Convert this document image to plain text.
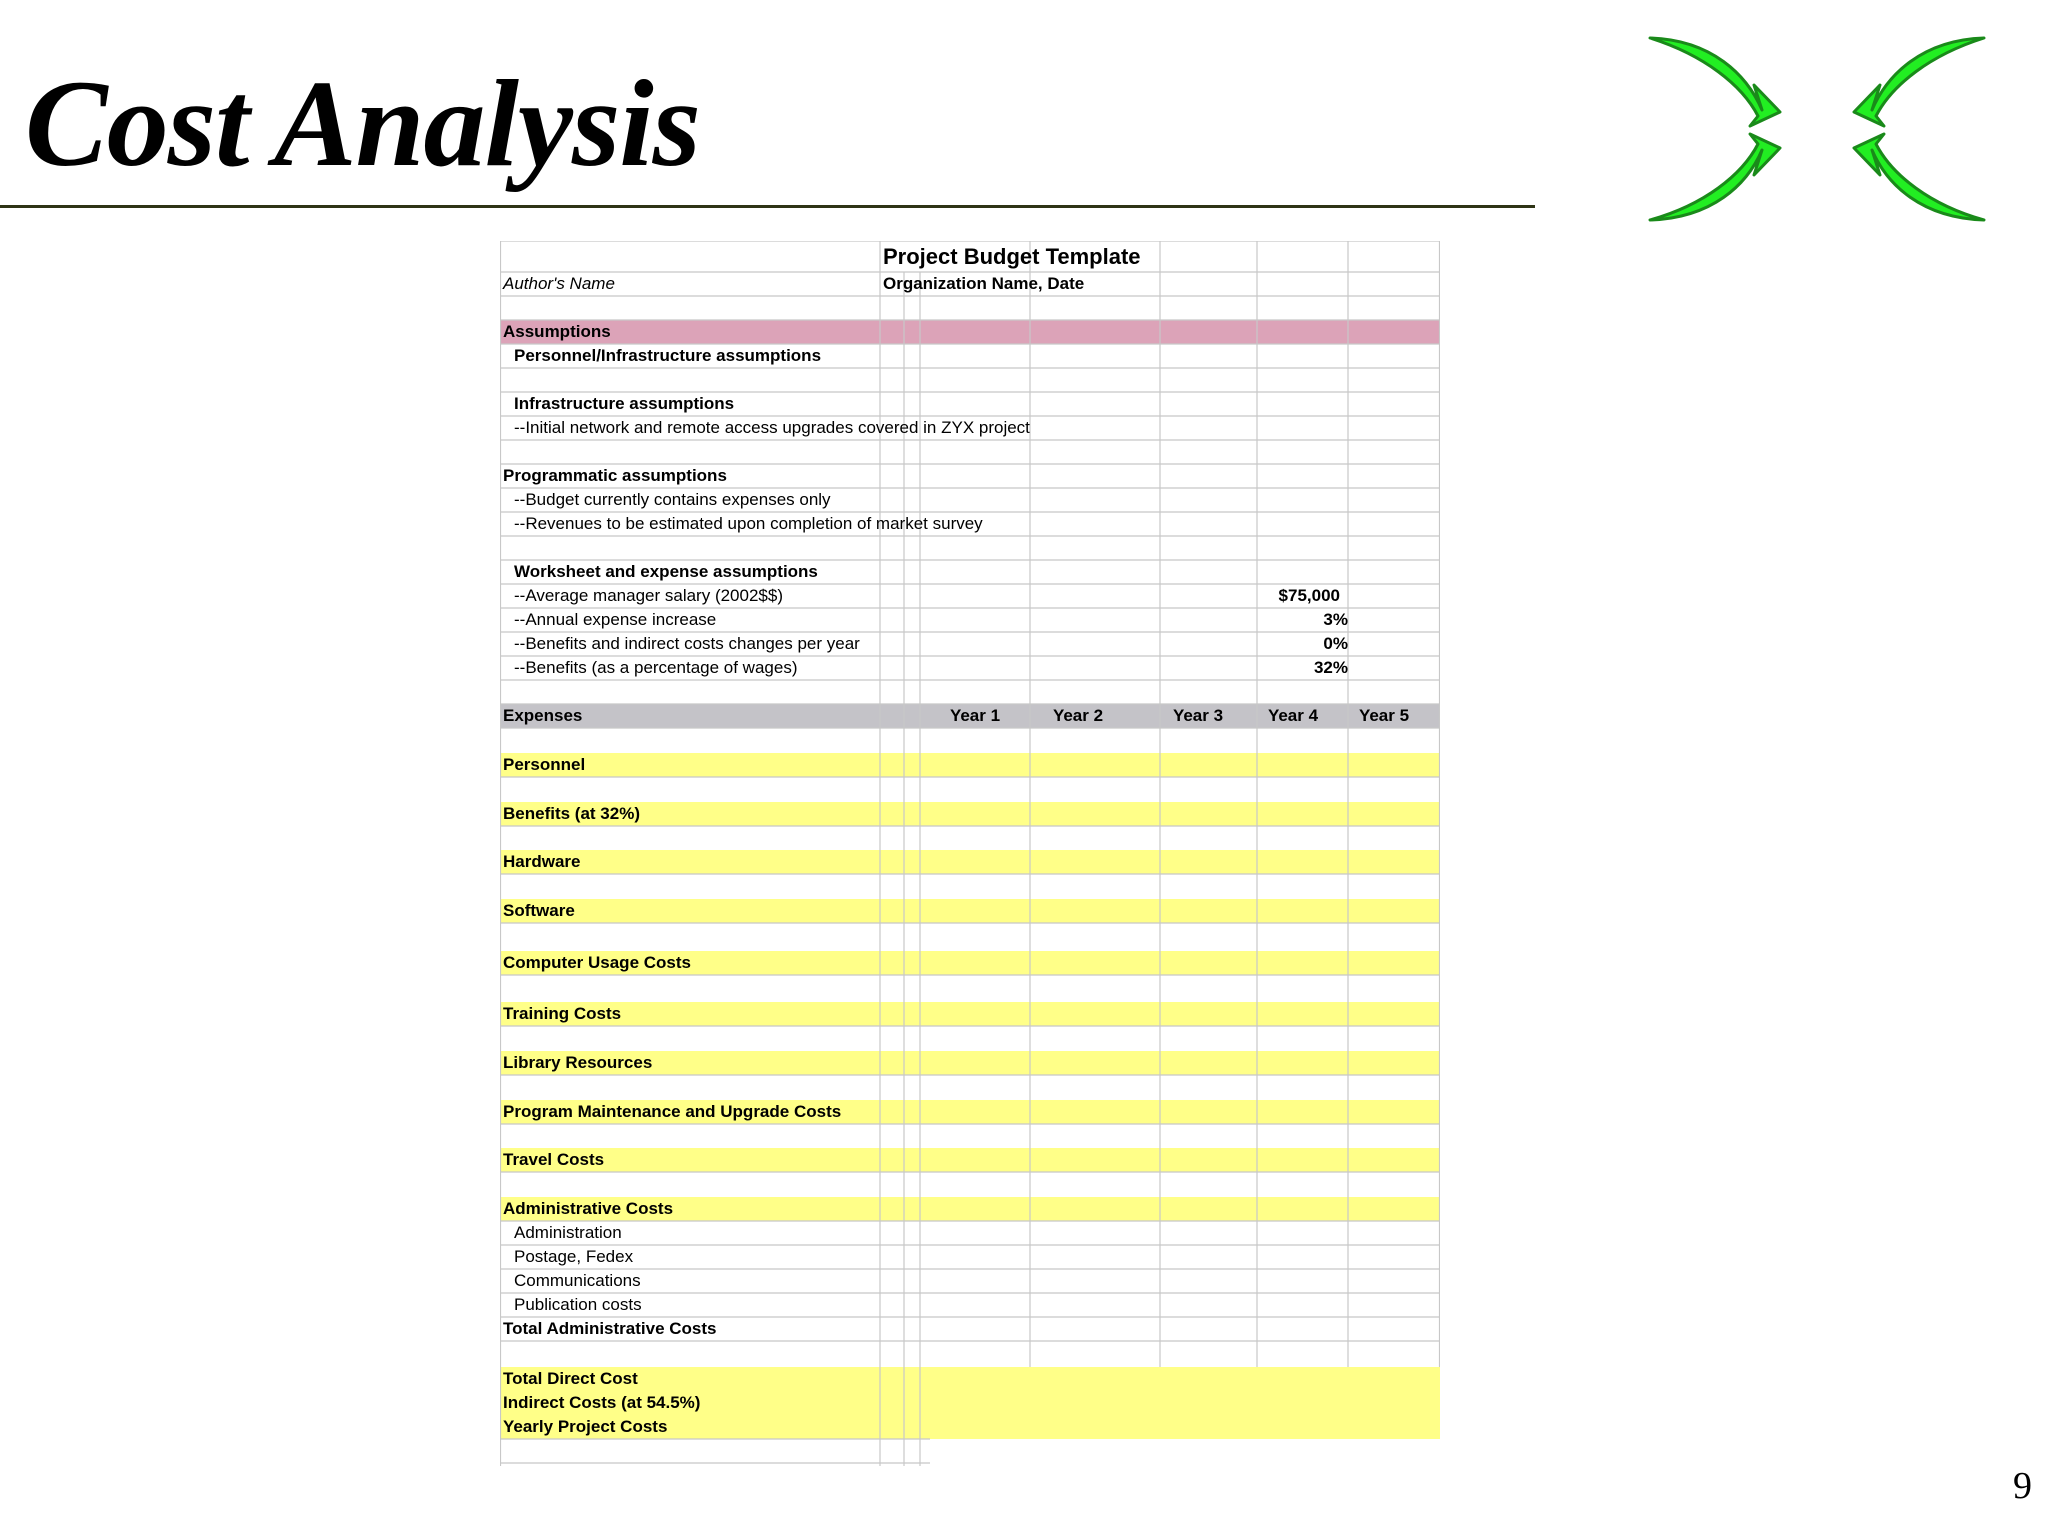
Cost Analysis
9
Project Budget Template
Author's Name	Organization Name, Date
Assumptions
Personnel/Infrastructure assumptions
Infrastructure assumptions
--Initial network and remote access upgrades covered in ZYX project
Programmatic assumptions
--Budget currently contains expenses only
--Revenues to be estimated upon completion of market survey
Worksheet and expense assumptions
--Average manager salary (2002$$)	$75,000
--Annual expense increase	3%
--Benefits and indirect costs changes per year	0%
--Benefits (as a percentage of wages)	32%
Expenses	Year 1	Year 2	Year 3	Year 4	Year 5
Personnel
Benefits (at 32%)
Hardware
Software
Computer Usage Costs
Training Costs
Library Resources
Program Maintenance and Upgrade Costs
Travel Costs
Administrative Costs
Administration
Postage, Fedex
Communications
Publication costs
Total Administrative Costs
Total Direct Cost
Indirect Costs (at 54.5%)
Yearly Project Costs
